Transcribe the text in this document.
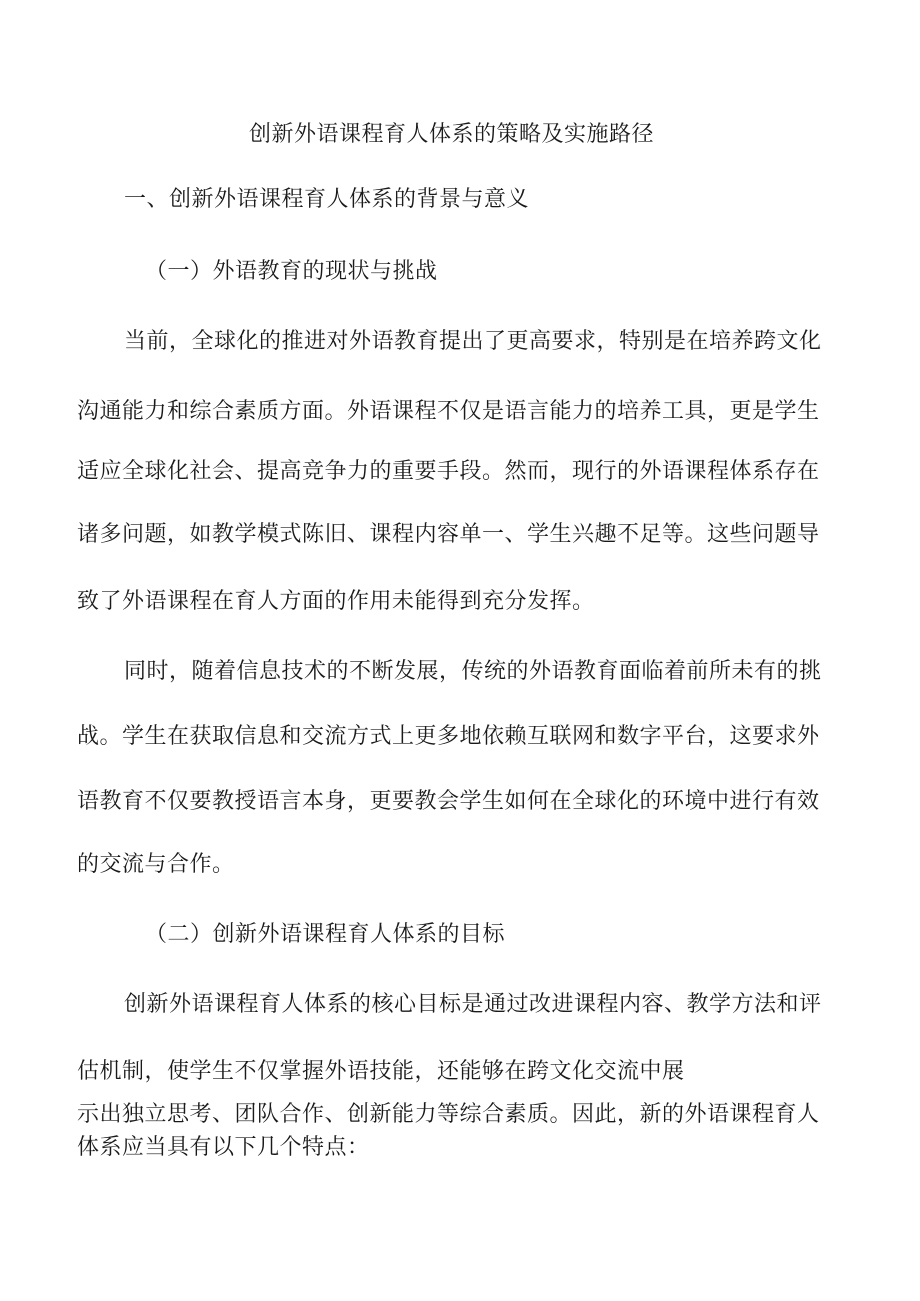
创新外语课程育人体系的策略及实施路径
一、创新外语课程育人体系的背景与意义
（一）外语教育的现状与挑战
当前，全球化的推进对外语教育提出了更高要求，特别是在培养跨文化
沟通能力和综合素质方面。外语课程不仅是语言能力的培养工具，更是学生
适应全球化社会、提高竞争力的重要手段。然而，现行的外语课程体系存在
诸多问题，如教学模式陈旧、课程内容单一、学生兴趣不足等。这些问题导
致了外语课程在育人方面的作用未能得到充分发挥。
同时，随着信息技术的不断发展，传统的外语教育面临着前所未有的挑
战。学生在获取信息和交流方式上更多地依赖互联网和数字平台，这要求外
语教育不仅要教授语言本身，更要教会学生如何在全球化的环境中进行有效
的交流与合作。
（二）创新外语课程育人体系的目标
创新外语课程育人体系的核心目标是通过改进课程内容、教学方法和评
估机制，使学生不仅掌握外语技能，还能够在跨文化交流中展
示出独立思考、团队合作、创新能力等综合素质。因此，新的外语课程育人
体系应当具有以下几个特点：
